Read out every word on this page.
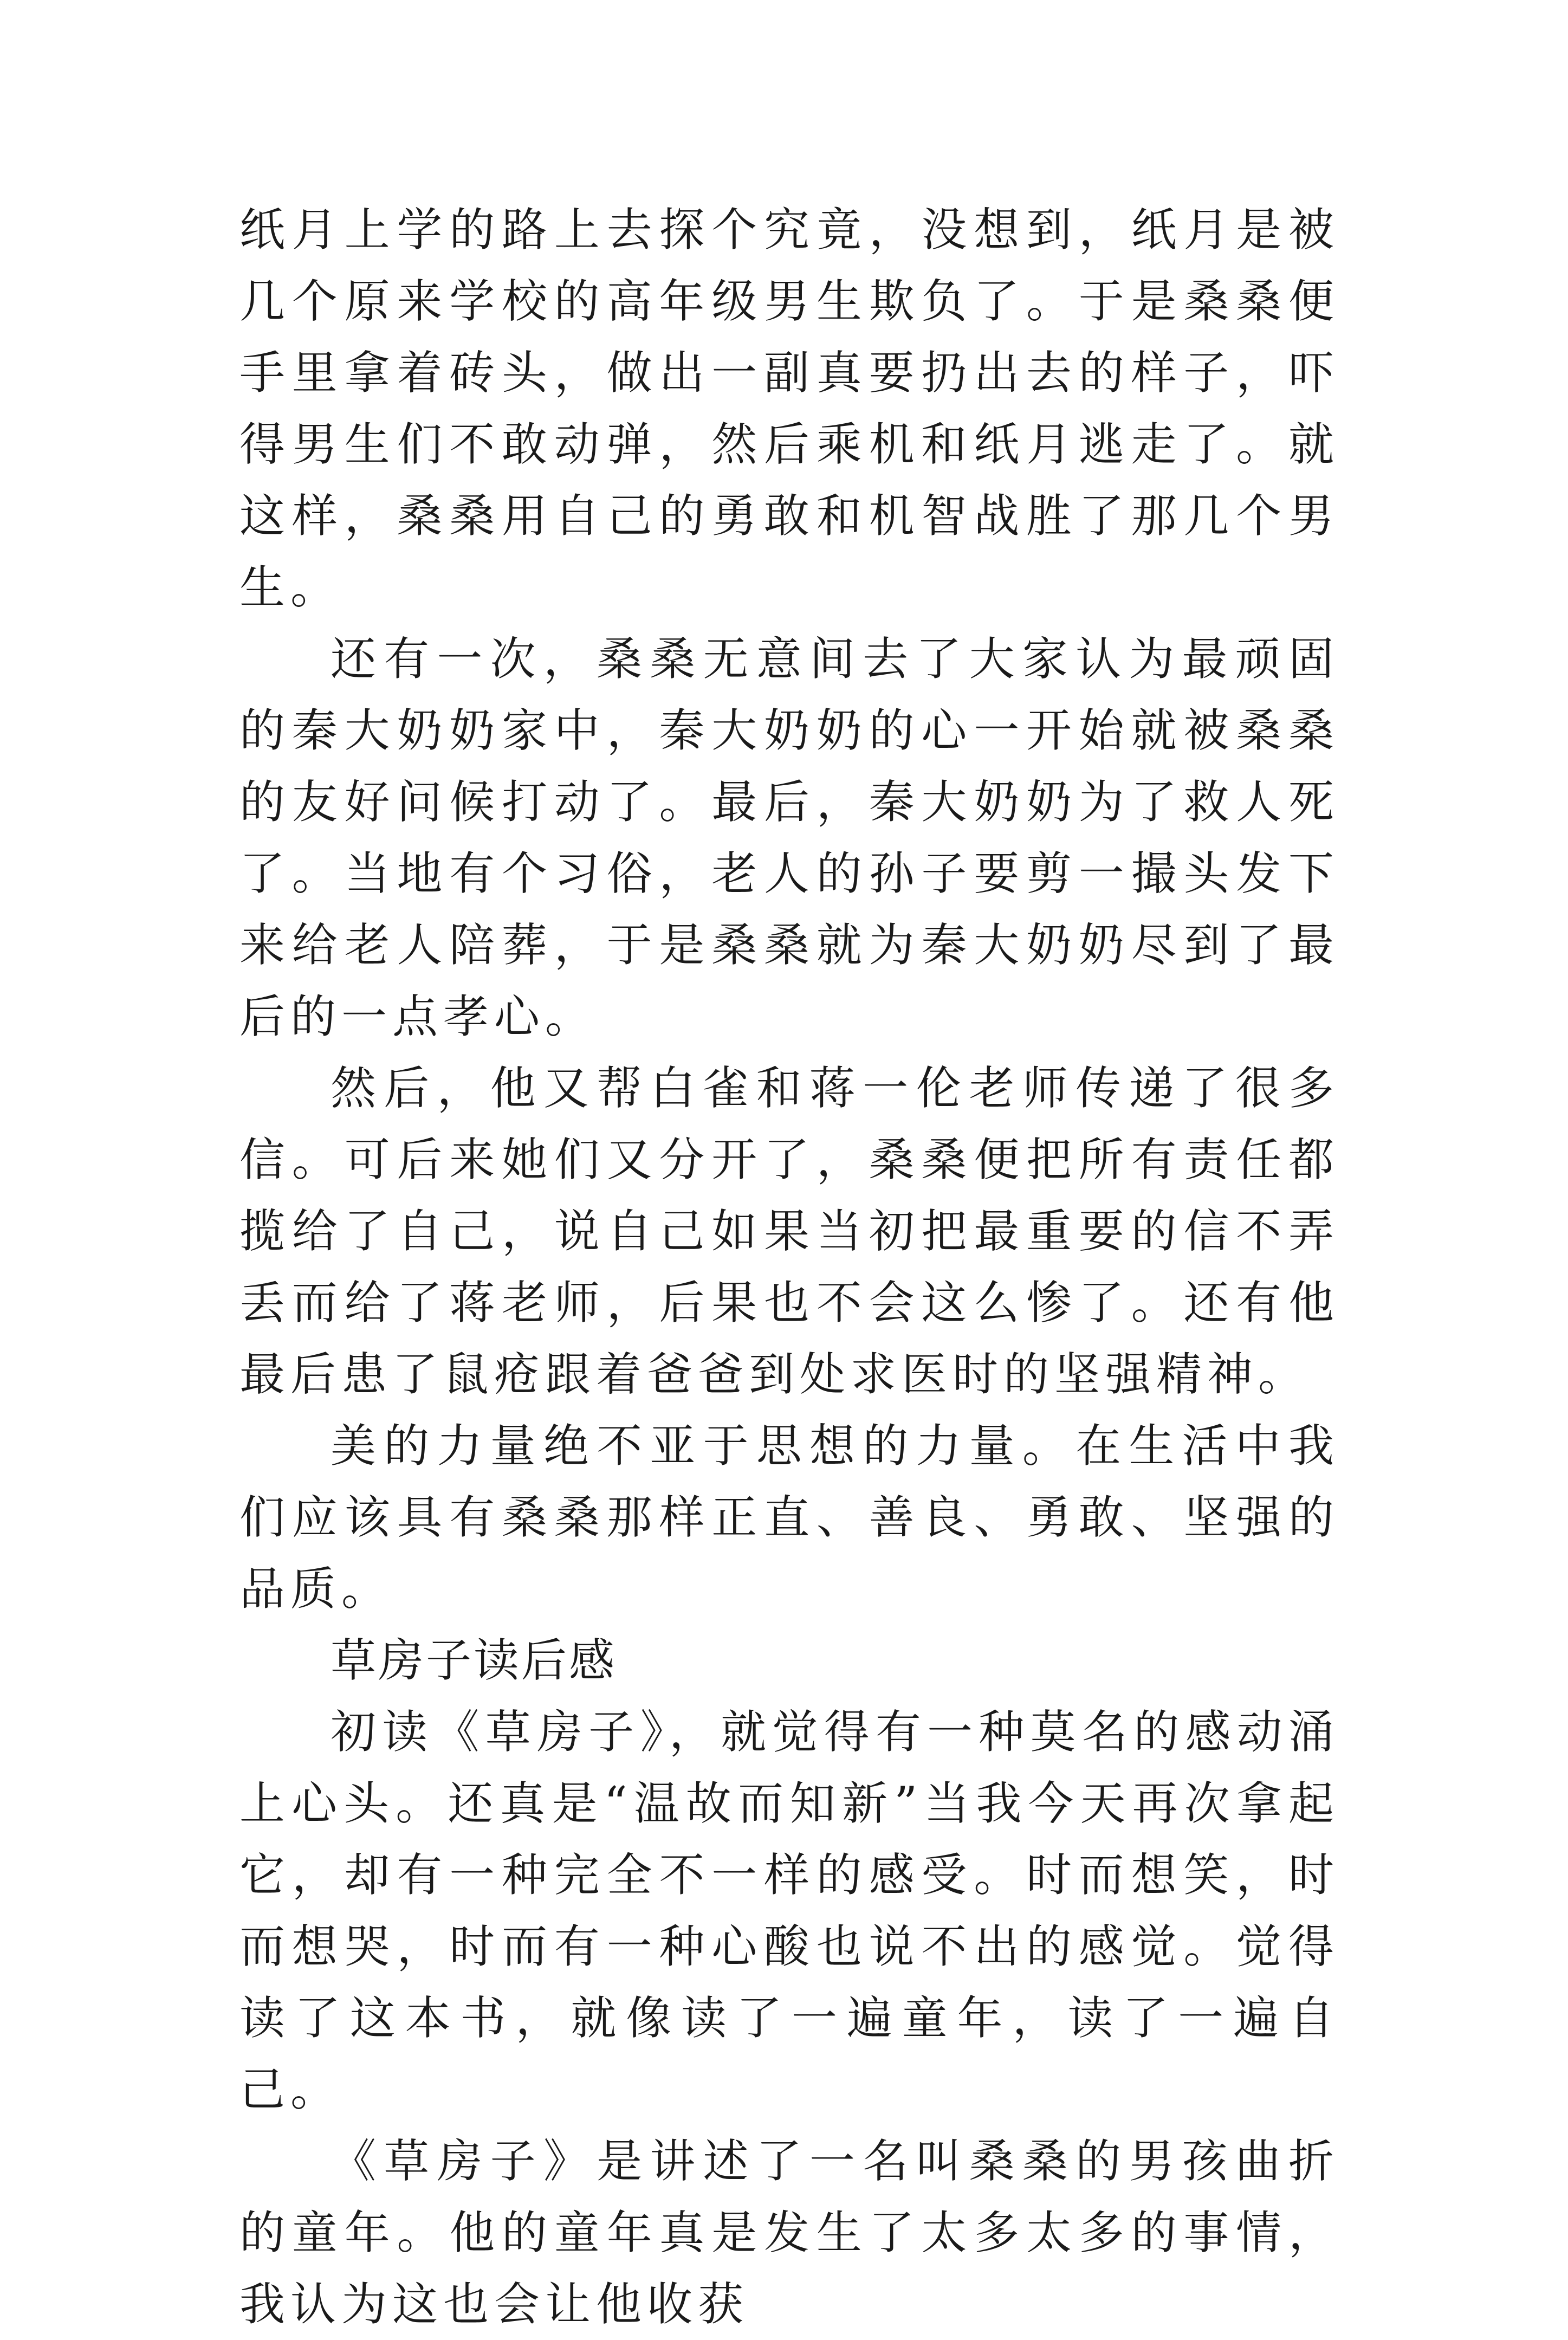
纸月上学的路上去探个究竟，没想到，纸月是被几个原来学校的高年级男生欺负了。于是桑桑便手里拿着砖头，做出一副真要扔出去的样子，吓得男生们不敢动弹，然后乘机和纸月逃走了。就这样，桑桑用自己的勇敢和机智战胜了那几个男生。

还有一次，桑桑无意间去了大家认为最顽固的秦大奶奶家中，秦大奶奶的心一开始就被桑桑的友好问候打动了。最后，秦大奶奶为了救人死了。当地有个习俗，老人的孙子要剪一撮头发下来给老人陪葬，于是桑桑就为秦大奶奶尽到了最后的一点孝心。

然后，他又帮白雀和蒋一伦老师传递了很多信。可后来她们又分开了，桑桑便把所有责任都揽给了自己，说自己如果当初把最重要的信不弄丢而给了蒋老师，后果也不会这么惨了。还有他最后患了鼠疮跟着爸爸到处求医时的坚强精神。

美的力量绝不亚于思想的力量。在生活中我们应该具有桑桑那样正直、善良、勇敢、坚强的品质。

草房子读后感

初读《草房子》，就觉得有一种莫名的感动涌上心头。还真是“温故而知新”当我今天再次拿起它，却有一种完全不一样的感受。时而想笑，时而想哭，时而有一种心酸也说不出的感觉。觉得读了这本书，就像读了一遍童年，读了一遍自己。

《草房子》是讲述了一名叫桑桑的男孩曲折的童年。他的童年真是发生了太多太多的事情，我认为这也会让他收获
